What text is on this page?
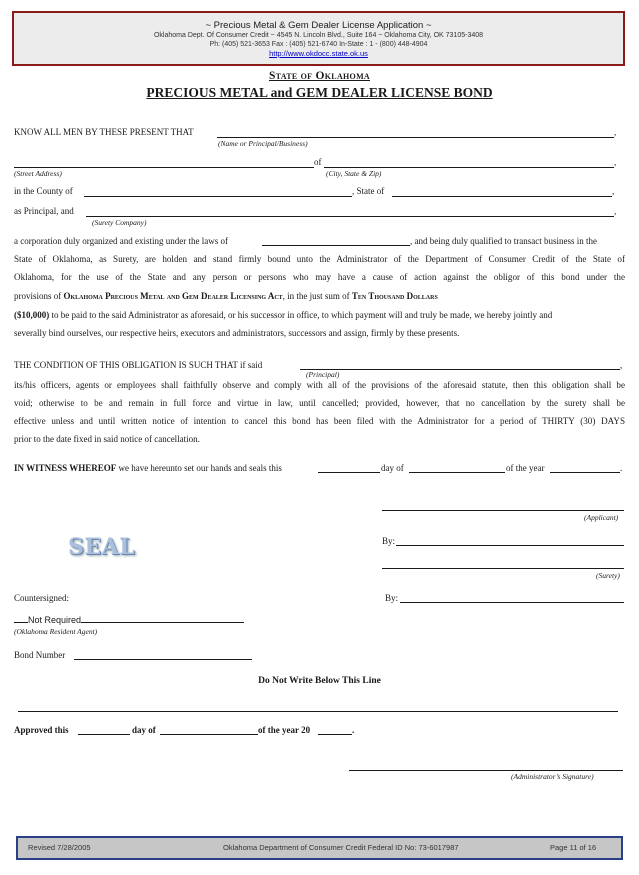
~ Precious Metal & Gem Dealer License Application ~
Oklahoma Dept. Of Consumer Credit ~ 4545 N. Lincoln Blvd., Suite 164 ~ Oklahoma City, OK 73105-3408
Ph: (405) 521-3653 Fax : (405) 521-6740 In-State : 1 - (800) 448-4904
http://www.okdocc.state.ok.us
State of Oklahoma
PRECIOUS METAL and GEM DEALER LICENSE BOND
KNOW ALL MEN BY THESE PRESENT THAT	,
(Name or Principal/Business)
of	,
(Street Address)	(City, State & Zip)
in the County of	, State of	,
as Principal, and	,
(Surety Company)
a corporation duly organized and existing under the laws of	, and being duly qualified to transact business in the
State of Oklahoma, as Surety, are holden and stand firmly bound unto the Administrator of the Department of Consumer Credit of the State of
Oklahoma, for the use of the State and any person or persons who may have a cause of action against the obligor of this bond under the
provisions of Oklahoma Precious Metal and Gem Dealer Licensing Act, in the just sum of Ten Thousand Dollars
($10,000) to be paid to the said Administrator as aforesaid, or his successor in office, to which payment will and truly be made, we hereby jointly and
severally bind ourselves, our respective heirs, executors and administrators, successors and assign, firmly by these presents.
THE CONDITION OF THIS OBLIGATION IS SUCH THAT if said	,
(Principal)
its/his officers, agents or employees shall faithfully observe and comply with all of the provisions of the aforesaid statute, then this obligation shall be
void; otherwise to be and remain in full force and virtue in law, until cancelled; provided, however, that no cancellation by the surety shall be
effective unless and until written notice of intention to cancel this bond has been filed with the Administrator for a period of THIRTY (30) DAYS
prior to the date fixed in said notice of cancellation.
IN WITNESS WHEREOF we have hereunto set our hands and seals this	day of	of the year	.
(Applicant)
SEAL	By:
(Surety)
Countersigned:	By:
Not Required
(Oklahoma Resident Agent)
Bond Number
Do Not Write Below This Line
Approved this	day of	of the year 20	.
(Administrator’s Signature)
Revised 7/28/2005	Oklahoma Department of Consumer Credit Federal ID No: 73-6017987	Page 11 of 16
